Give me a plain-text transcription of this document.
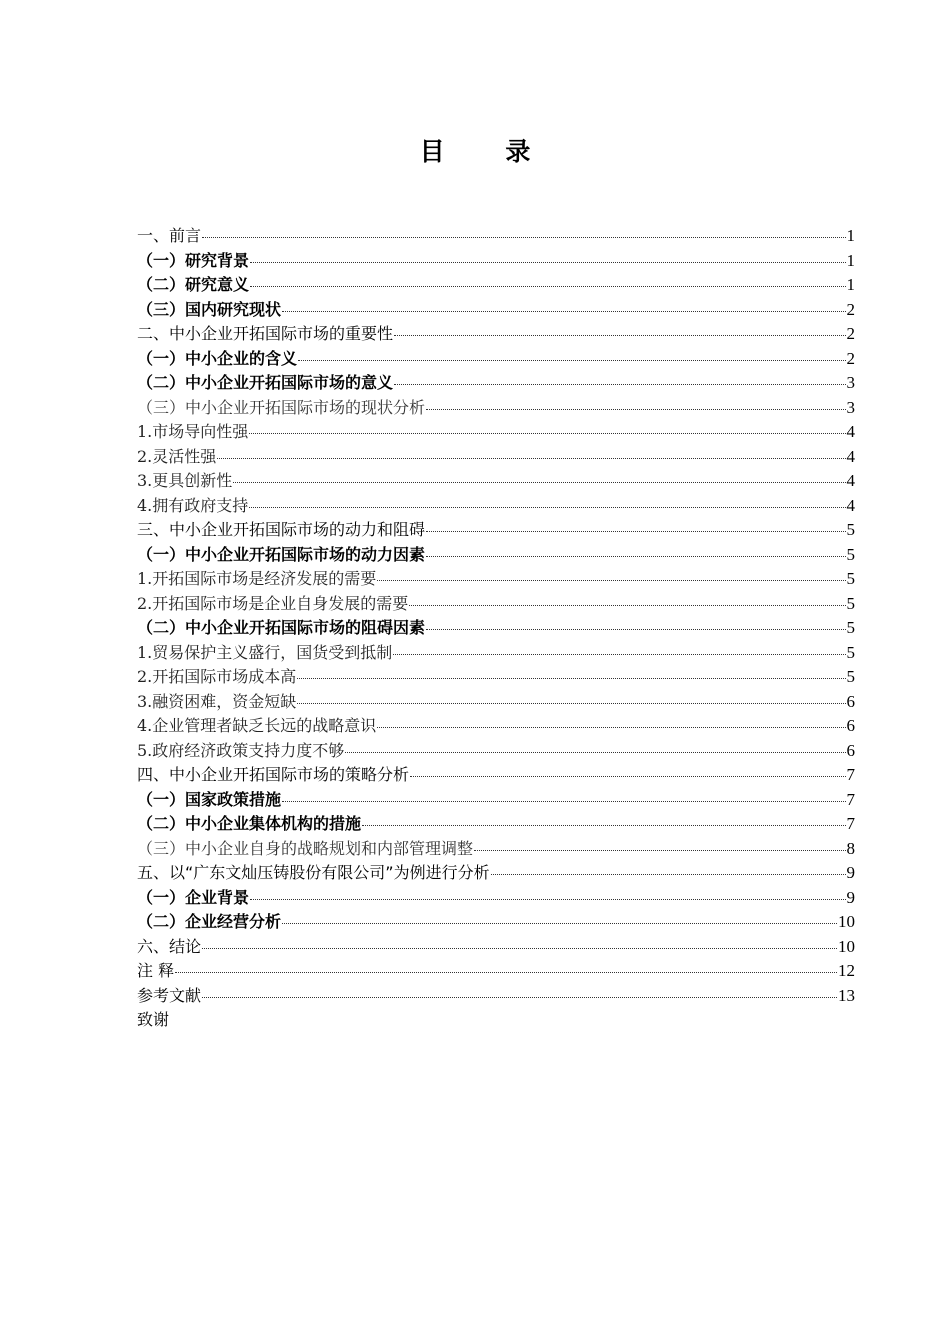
目 录
一、前言	1
（一）研究背景	1
（二）研究意义	1
（三）国内研究现状	2
二、中小企业开拓国际市场的重要性	2
（一）中小企业的含义	2
（二）中小企业开拓国际市场的意义	3
（三）中小企业开拓国际市场的现状分析	3
1.市场导向性强	4
2.灵活性强	4
3.更具创新性	4
4.拥有政府支持	4
三、中小企业开拓国际市场的动力和阻碍	5
（一）中小企业开拓国际市场的动力因素	5
1.开拓国际市场是经济发展的需要	5
2.开拓国际市场是企业自身发展的需要	5
（二）中小企业开拓国际市场的阻碍因素	5
1.贸易保护主义盛行，国货受到抵制	5
2.开拓国际市场成本高	5
3.融资困难，资金短缺	6
4.企业管理者缺乏长远的战略意识	6
5.政府经济政策支持力度不够	6
四、中小企业开拓国际市场的策略分析	7
（一）国家政策措施	7
（二）中小企业集体机构的措施	7
（三）中小企业自身的战略规划和内部管理调整	8
五、以“广东文灿压铸股份有限公司”为例进行分析	9
（一）企业背景	9
（二）企业经营分析	10
六、结论	10
注 释	12
参考文献	13
致谢
